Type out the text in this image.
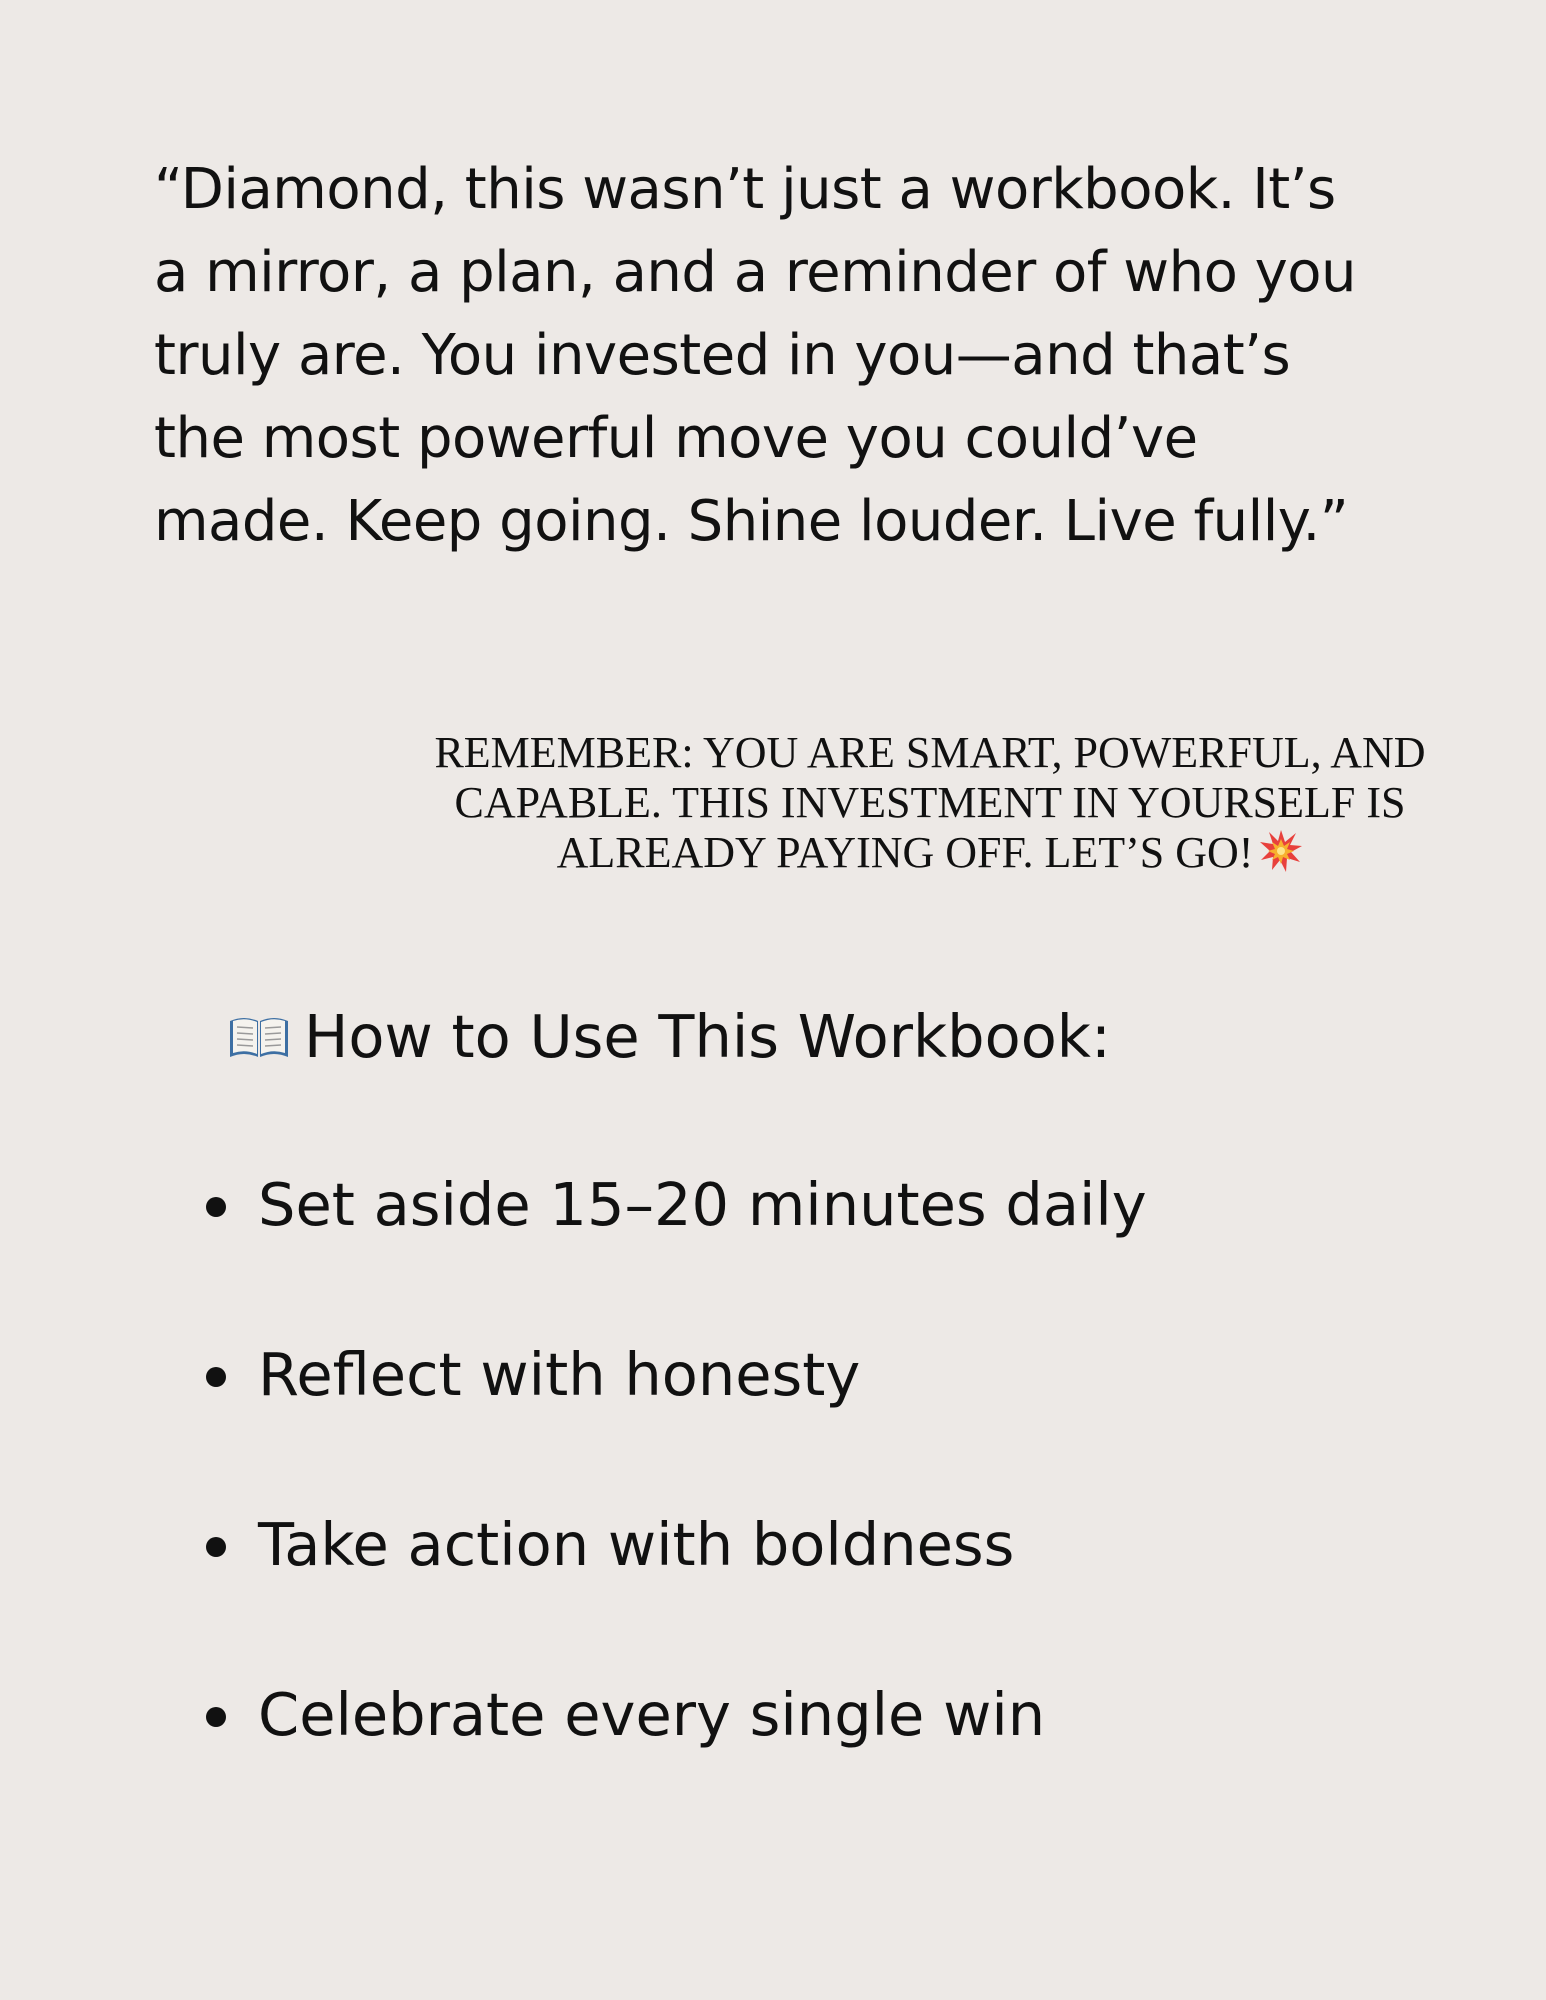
“Diamond, this wasn’t just a workbook. It’s
a mirror, a plan, and a reminder of who you
truly are. You invested in you—and that’s
the most powerful move you could’ve
made. Keep going. Shine louder. Live fully.”

REMEMBER: YOU ARE SMART, POWERFUL, AND
CAPABLE. THIS INVESTMENT IN YOURSELF IS
ALREADY PAYING OFF. LET’S GO!
How to Use This Workbook:
Set aside 15–20 minutes daily
Reflect with honesty
Take action with boldness
Celebrate every single win
